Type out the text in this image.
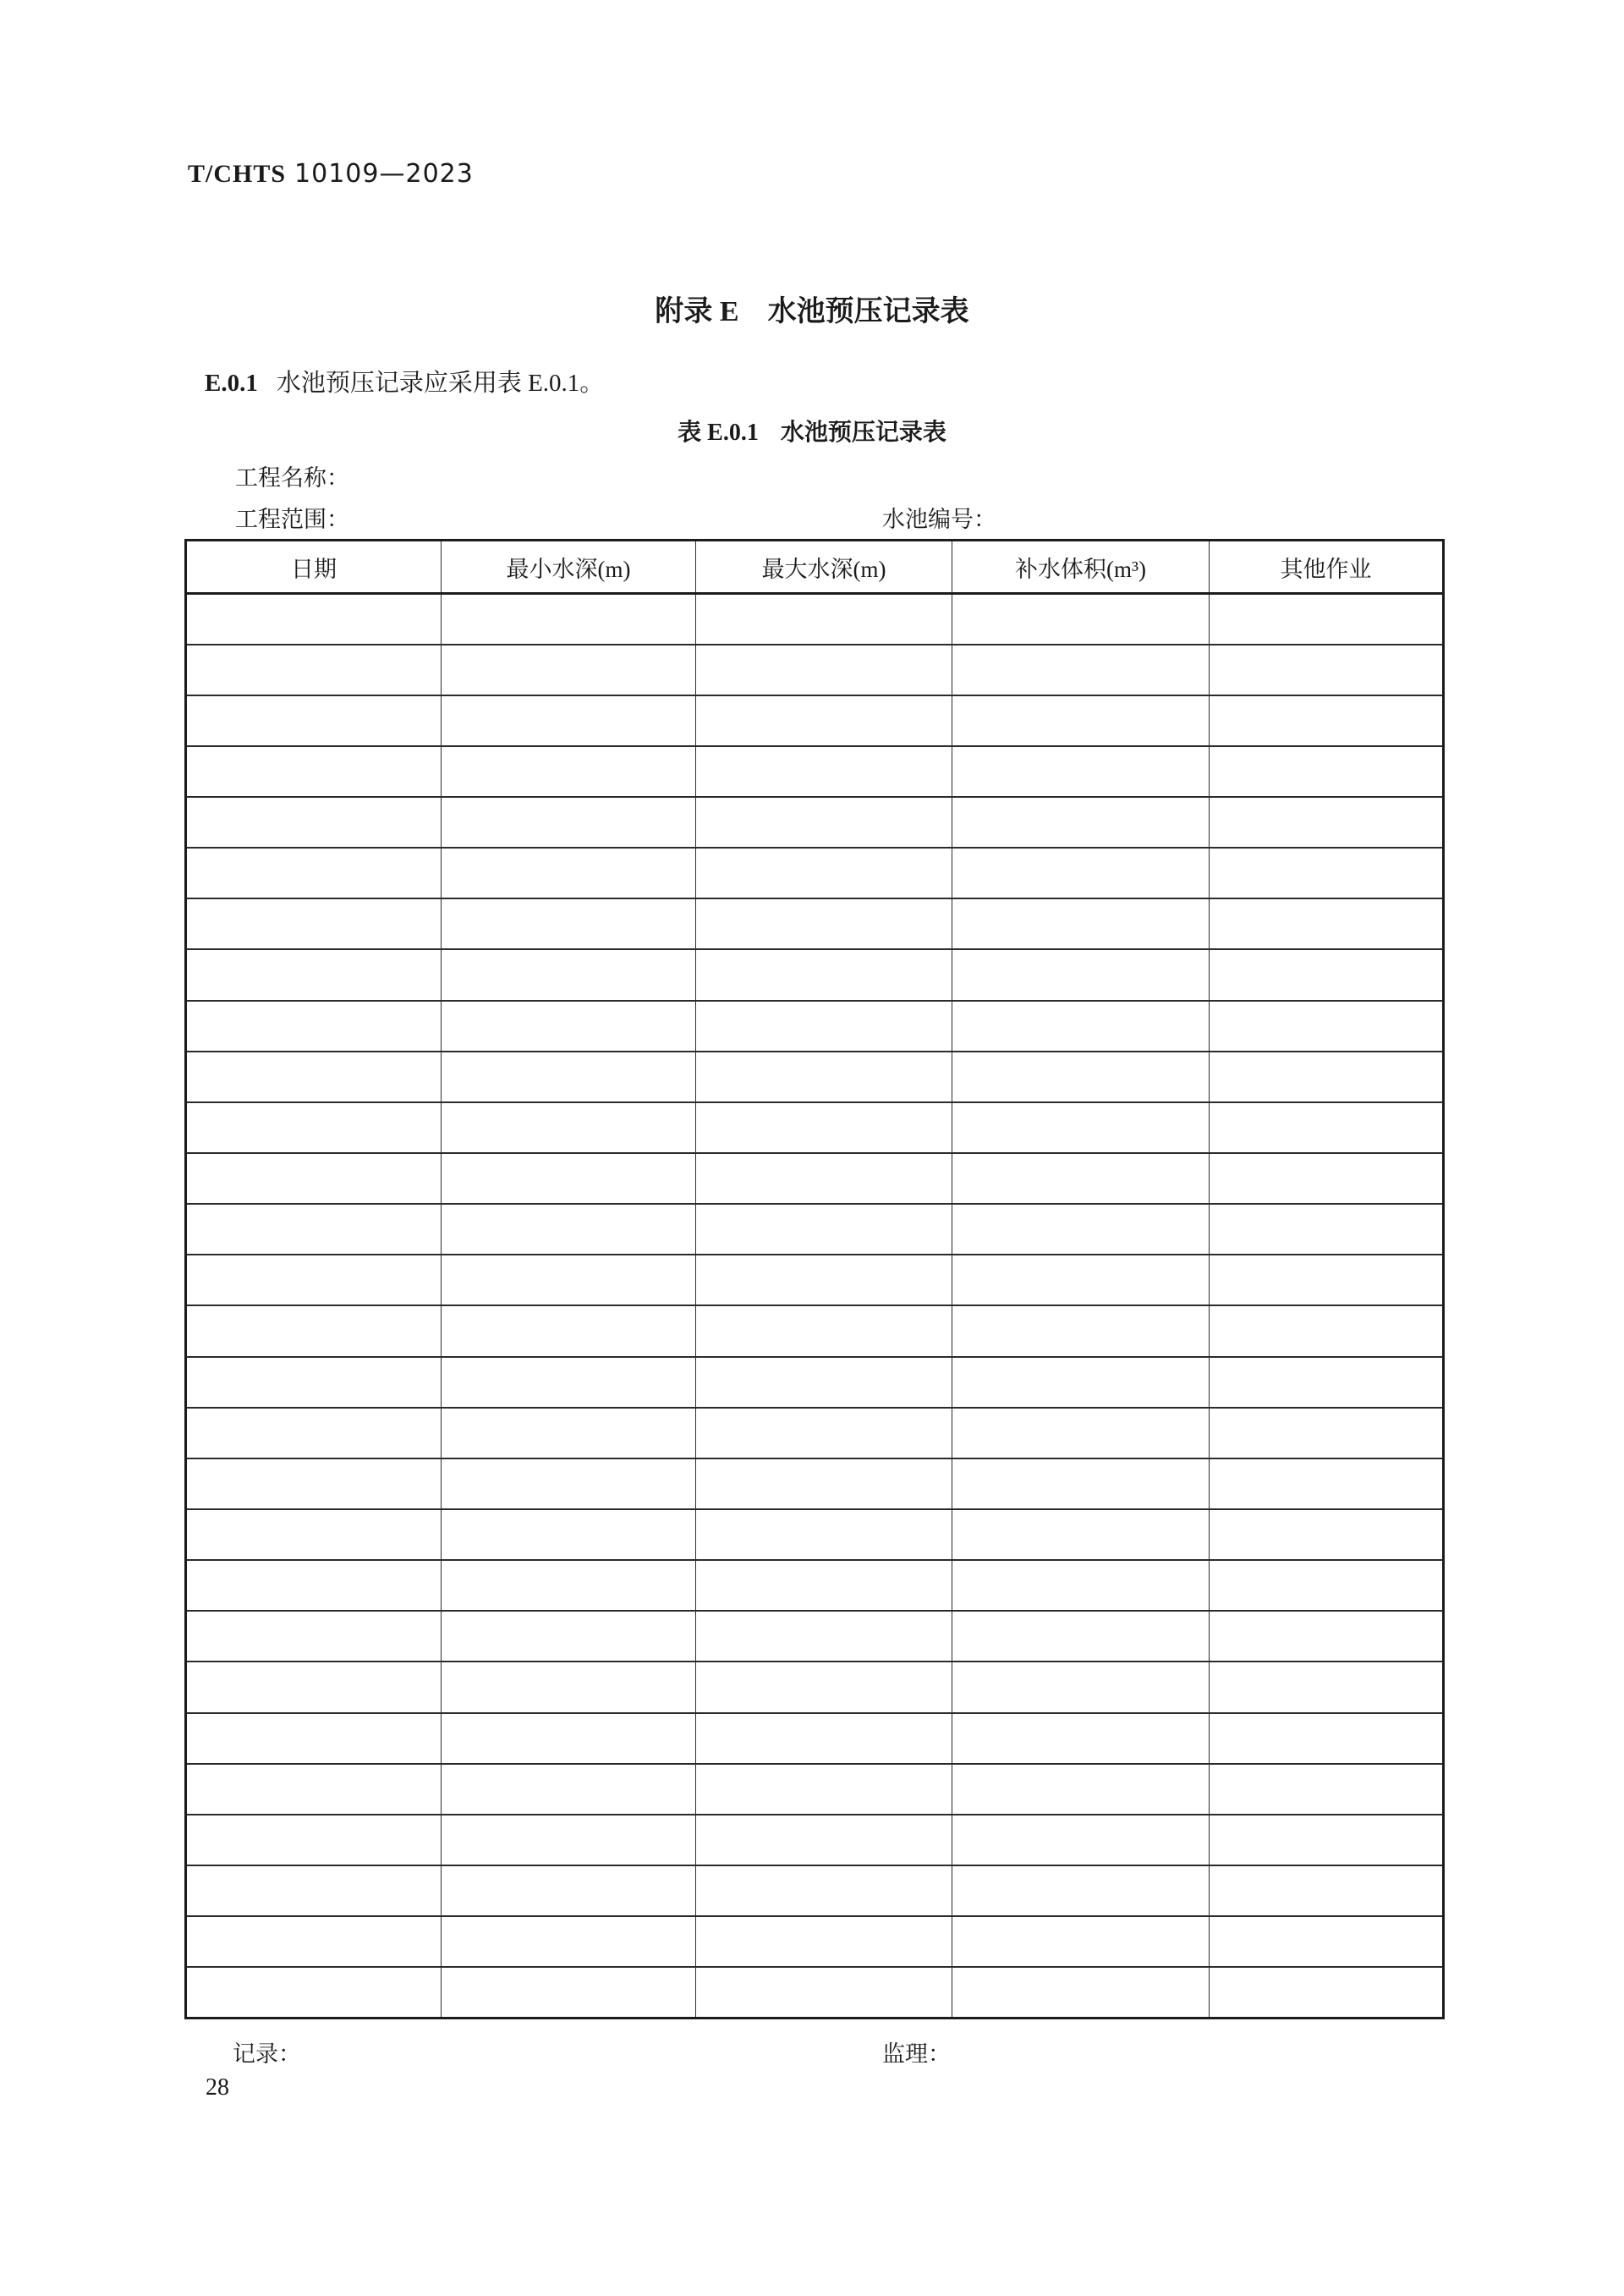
T/CHTS 10109—2023
附录 E 水池预压记录表
E.0.1 水池预压记录应采用表 E.0.1。
表 E.0.1 水池预压记录表
工程名称：
工程范围：	水池编号：
日期	最小水深(m)	最大水深(m)	补水体积(m³)	其他作业

记录：	监理：
28
